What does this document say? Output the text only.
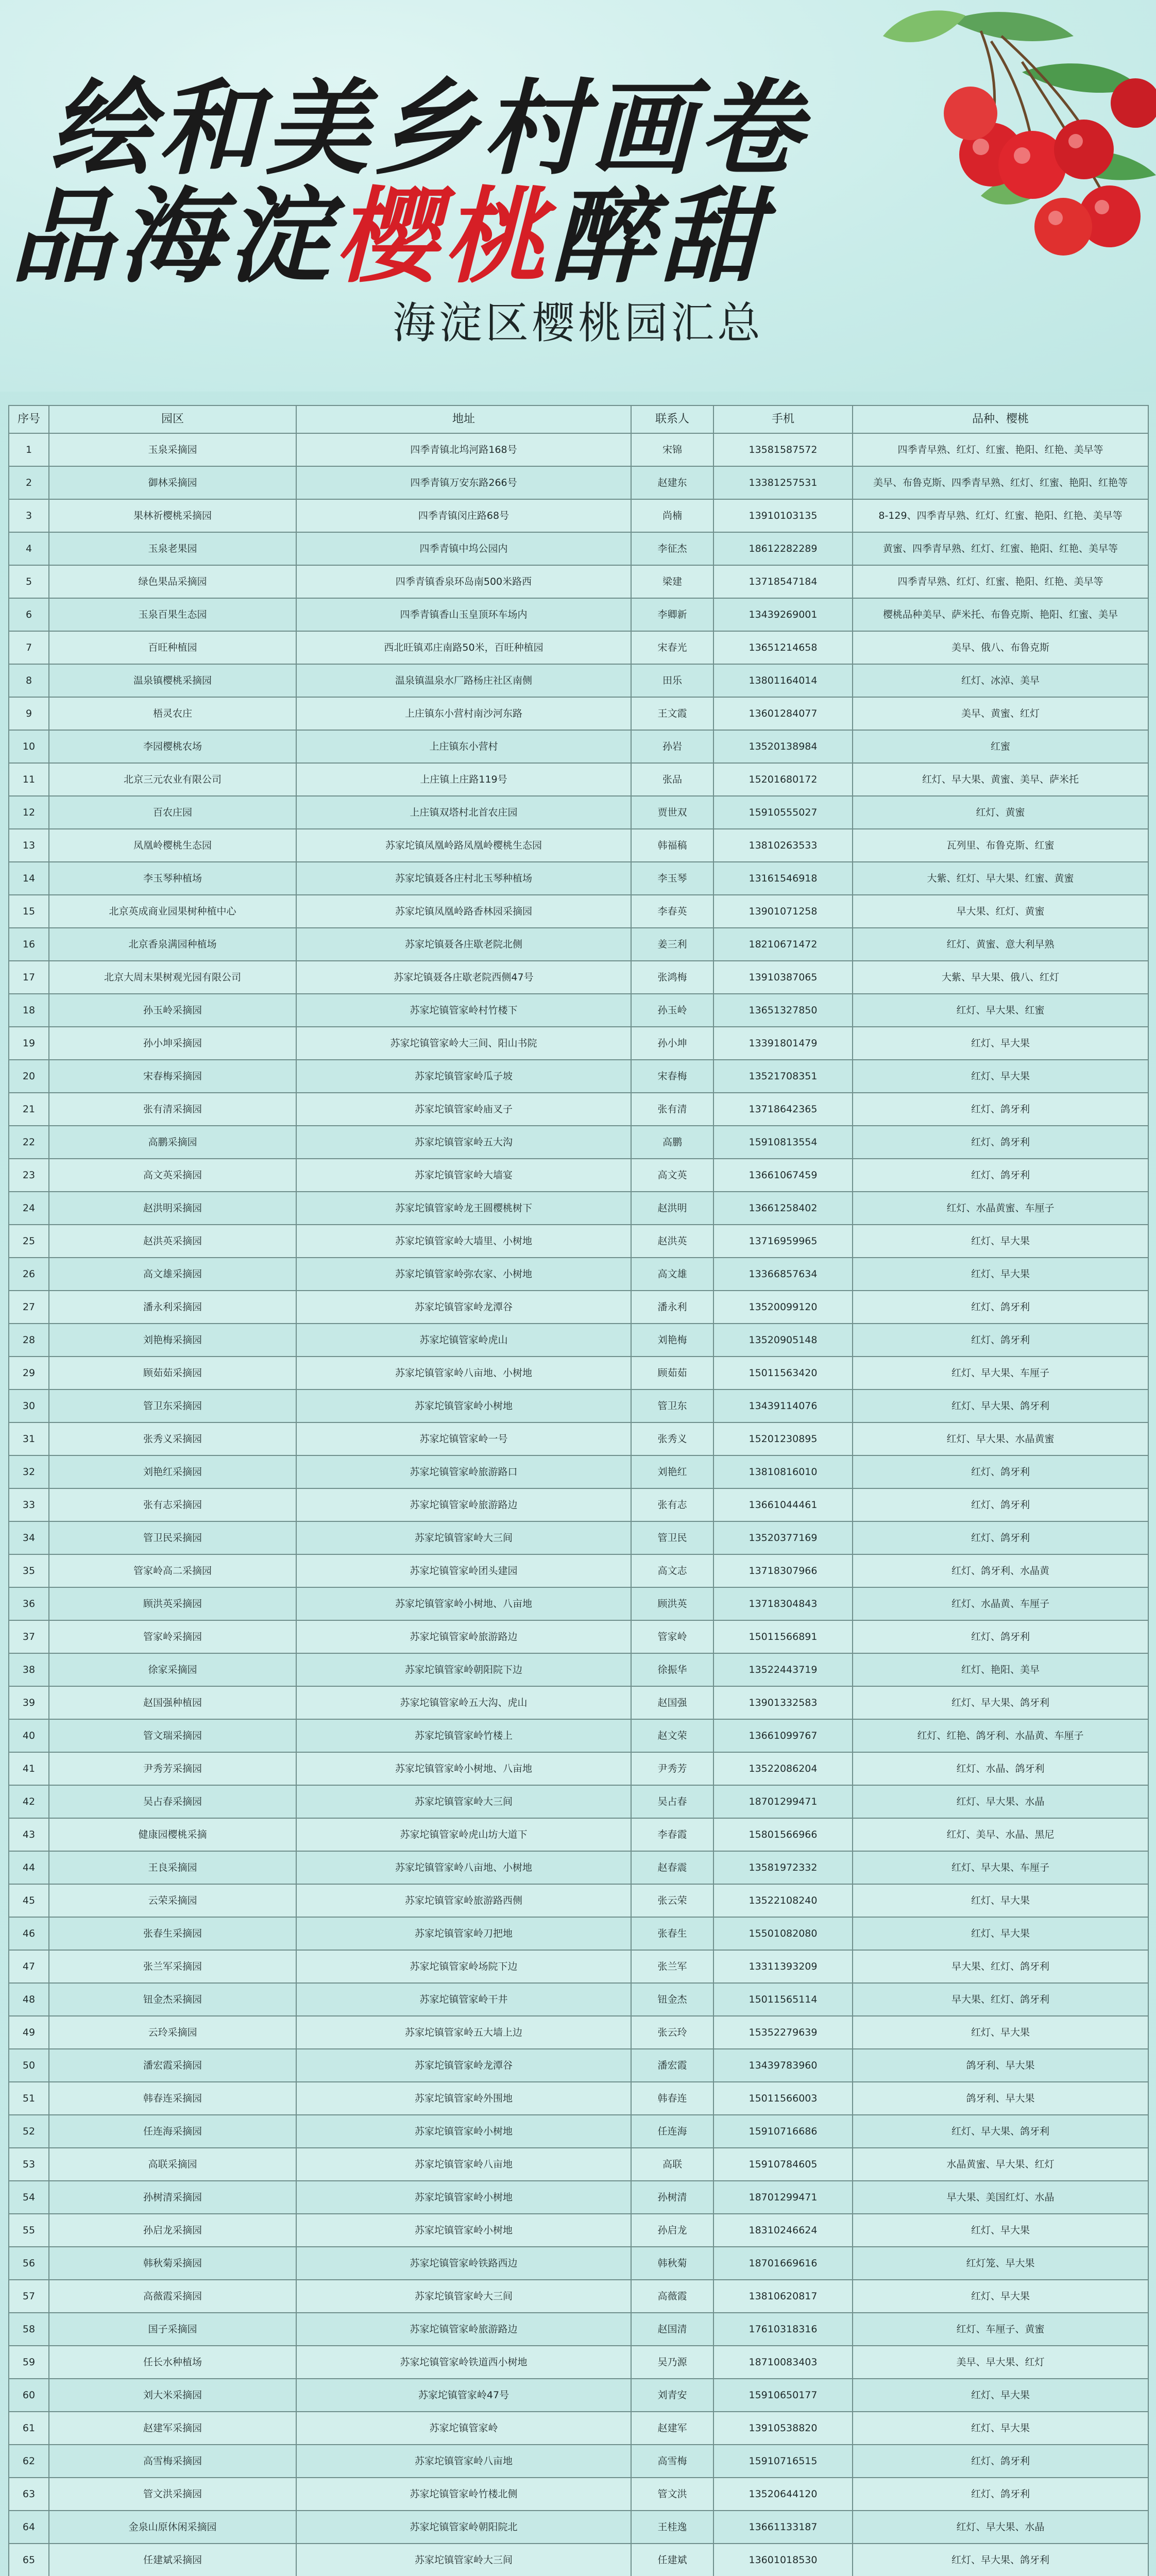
绘和美乡村画卷
品海淀樱桃醉甜
海淀区樱桃园汇总
序号	园区	地址	联系人	手机	品种、樱桃
1	玉泉采摘园	四季青镇北坞河路168号	宋锦	13581587572	四季青早熟、红灯、红蜜、艳阳、红艳、美早等
2	御林采摘园	四季青镇万安东路266号	赵建东	13381257531	美早、布鲁克斯、四季青早熟、红灯、红蜜、艳阳、红艳等
3	果林祈樱桃采摘园	四季青镇闵庄路68号	尚楠	13910103135	8-129、四季青早熟、红灯、红蜜、艳阳、红艳、美早等
4	玉泉老果园	四季青镇中坞公园内	李征杰	18612282289	黄蜜、四季青早熟、红灯、红蜜、艳阳、红艳、美早等
5	绿色果品采摘园	四季青镇香泉环岛南500米路西	梁建	13718547184	四季青早熟、红灯、红蜜、艳阳、红艳、美早等
6	玉泉百果生态园	四季青镇香山玉皇顶环车场内	李卿新	13439269001	樱桃品种美早、萨米托、布鲁克斯、艳阳、红蜜、美早
7	百旺种植园	西北旺镇邓庄南路50米，百旺种植园	宋春光	13651214658	美早、俄八、布鲁克斯
8	温泉镇樱桃采摘园	温泉镇温泉水厂路杨庄社区南侧	田乐	13801164014	红灯、冰淖、美早
9	梧灵农庄	上庄镇东小营村南沙河东路	王文霞	13601284077	美早、黄蜜、红灯
10	李园樱桃农场	上庄镇东小营村	孙岩	13520138984	红蜜
11	北京三元农业有限公司	上庄镇上庄路119号	张品	15201680172	红灯、早大果、黄蜜、美早、萨米托
12	百农庄园	上庄镇双塔村北首农庄园	贾世双	15910555027	红灯、黄蜜
13	凤凰岭樱桃生态园	苏家坨镇凤凰岭路凤凰岭樱桃生态园	韩福稿	13810263533	瓦列里、布鲁克斯、红蜜
14	李玉琴种植场	苏家坨镇聂各庄村北玉琴种植场	李玉琴	13161546918	大紫、红灯、早大果、红蜜、黄蜜
15	北京英成商业园果树种植中心	苏家坨镇凤凰岭路香林园采摘园	李春英	13901071258	早大果、红灯、黄蜜
16	北京香泉满园种植场	苏家坨镇聂各庄歇老院北侧	姜三利	18210671472	红灯、黄蜜、意大利早熟
17	北京大周末果树观光园有限公司	苏家坨镇聂各庄歇老院西侧47号	张鸿梅	13910387065	大紫、早大果、俄八、红灯
18	孙玉岭采摘园	苏家坨镇管家岭村竹楼下	孙玉岭	13651327850	红灯、早大果、红蜜
19	孙小坤采摘园	苏家坨镇管家岭大三间、阳山书院	孙小坤	13391801479	红灯、早大果
20	宋春梅采摘园	苏家坨镇管家岭瓜子坡	宋春梅	13521708351	红灯、早大果
21	张有清采摘园	苏家坨镇管家岭庙叉子	张有清	13718642365	红灯、鸽牙利
22	高鹏采摘园	苏家坨镇管家岭五大沟	高鹏	15910813554	红灯、鸽牙利
23	高文英采摘园	苏家坨镇管家岭大墙宴	高文英	13661067459	红灯、鸽牙利
24	赵洪明采摘园	苏家坨镇管家岭龙王圆樱桃树下	赵洪明	13661258402	红灯、水晶黄蜜、车厘子
25	赵洪英采摘园	苏家坨镇管家岭大墙里、小树地	赵洪英	13716959965	红灯、早大果
26	高文雄采摘园	苏家坨镇管家岭弥农家、小树地	高文雄	13366857634	红灯、早大果
27	潘永利采摘园	苏家坨镇管家岭龙潭谷	潘永利	13520099120	红灯、鸽牙利
28	刘艳梅采摘园	苏家坨镇管家岭虎山	刘艳梅	13520905148	红灯、鸽牙利
29	顾茹茹采摘园	苏家坨镇管家岭八亩地、小树地	顾茹茹	15011563420	红灯、早大果、车厘子
30	管卫东采摘园	苏家坨镇管家岭小树地	管卫东	13439114076	红灯、早大果、鸽牙利
31	张秀义采摘园	苏家坨镇管家岭一号	张秀义	15201230895	红灯、早大果、水晶黄蜜
32	刘艳红采摘园	苏家坨镇管家岭旅游路口	刘艳红	13810816010	红灯、鸽牙利
33	张有志采摘园	苏家坨镇管家岭旅游路边	张有志	13661044461	红灯、鸽牙利
34	管卫民采摘园	苏家坨镇管家岭大三间	管卫民	13520377169	红灯、鸽牙利
35	管家岭高二采摘园	苏家坨镇管家岭团头建园	高文志	13718307966	红灯、鸽牙利、水晶黄
36	顾洪英采摘园	苏家坨镇管家岭小树地、八亩地	顾洪英	13718304843	红灯、水晶黄、车厘子
37	管家岭采摘园	苏家坨镇管家岭旅游路边	管家岭	15011566891	红灯、鸽牙利
38	徐家采摘园	苏家坨镇管家岭朝阳院下边	徐振华	13522443719	红灯、艳阳、美早
39	赵国强种植园	苏家坨镇管家岭五大沟、虎山	赵国强	13901332583	红灯、早大果、鸽牙利
40	管文瑞采摘园	苏家坨镇管家岭竹楼上	赵文荣	13661099767	红灯、红艳、鸽牙利、水晶黄、车厘子
41	尹秀芳采摘园	苏家坨镇管家岭小树地、八亩地	尹秀芳	13522086204	红灯、水晶、鸽牙利
42	吴占春采摘园	苏家坨镇管家岭大三间	吴占春	18701299471	红灯、早大果、水晶
43	健康园樱桃采摘	苏家坨镇管家岭虎山坊大道下	李春霞	15801566966	红灯、美早、水晶、黑尼
44	王良采摘园	苏家坨镇管家岭八亩地、小树地	赵春震	13581972332	红灯、早大果、车厘子
45	云荣采摘园	苏家坨镇管家岭旅游路西侧	张云荣	13522108240	红灯、早大果
46	张春生采摘园	苏家坨镇管家岭刀把地	张春生	15501082080	红灯、早大果
47	张兰军采摘园	苏家坨镇管家岭场院下边	张兰军	13311393209	早大果、红灯、鸽牙利
48	钮金杰采摘园	苏家坨镇管家岭干井	钮金杰	15011565114	早大果、红灯、鸽牙利
49	云玲采摘园	苏家坨镇管家岭五大墙上边	张云玲	15352279639	红灯、早大果
50	潘宏霞采摘园	苏家坨镇管家岭龙潭谷	潘宏霞	13439783960	鸽牙利、早大果
51	韩春连采摘园	苏家坨镇管家岭外围地	韩春连	15011566003	鸽牙利、早大果
52	任连海采摘园	苏家坨镇管家岭小树地	任连海	15910716686	红灯、早大果、鸽牙利
53	高联采摘园	苏家坨镇管家岭八亩地	高联	15910784605	水晶黄蜜、早大果、红灯
54	孙树清采摘园	苏家坨镇管家岭小树地	孙树清	18701299471	早大果、美国红灯、水晶
55	孙启龙采摘园	苏家坨镇管家岭小树地	孙启龙	18310246624	红灯、早大果
56	韩秋菊采摘园	苏家坨镇管家岭铁路西边	韩秋菊	18701669616	红灯笼、早大果
57	高薇霞采摘园	苏家坨镇管家岭大三间	高薇霞	13810620817	红灯、早大果
58	国子采摘园	苏家坨镇管家岭旅游路边	赵国清	17610318316	红灯、车厘子、黄蜜
59	任长水种植场	苏家坨镇管家岭铁道西小树地	吴乃源	18710083403	美早、早大果、红灯
60	刘大米采摘园	苏家坨镇管家岭47号	刘青安	15910650177	红灯、早大果
61	赵建军采摘园	苏家坨镇管家岭	赵建军	13910538820	红灯、早大果
62	高雪梅采摘园	苏家坨镇管家岭八亩地	高雪梅	15910716515	红灯、鸽牙利
63	管文洪采摘园	苏家坨镇管家岭竹楼北侧	管文洪	13520644120	红灯、鸽牙利
64	金泉山原休闲采摘园	苏家坨镇管家岭朝阳院北	王桂逸	13661133187	红灯、早大果、水晶
65	任建斌采摘园	苏家坨镇管家岭大三间	任建斌	13601018530	红灯、早大果、鸽牙利
